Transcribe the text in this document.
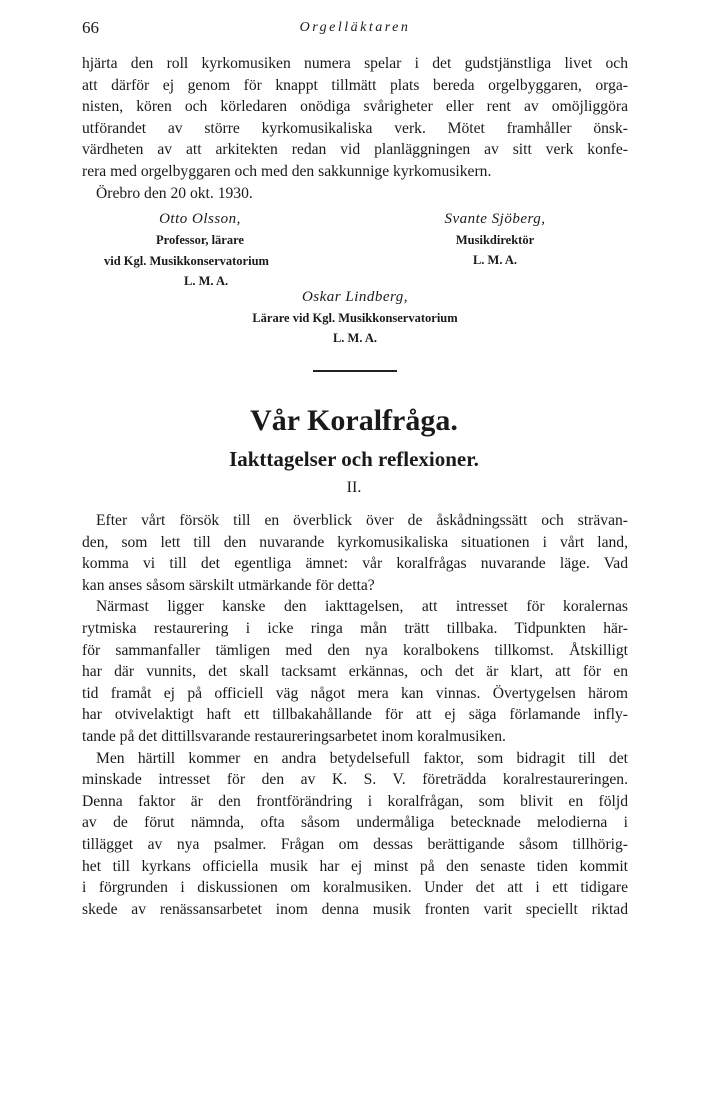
66	Orgelläktaren
hjärta den roll kyrkomusiken numera spelar i det gudstjänstliga livet och
att därför ej genom för knappt tillmätt plats bereda orgelbyggaren, orga-
nisten, kören och körledaren onödiga svårigheter eller rent av omöjliggöra
utförandet av större kyrkomusikaliska verk. Mötet framhåller önsk-
värdheten av att arkitekten redan vid planläggningen av sitt verk konfe-
rera med orgelbyggaren och med den sakkunnige kyrkomusikern.
Örebro den 20 okt. 1930.
Otto Olsson,
Professor, lärare
vid Kgl. Musikkonservatorium
L. M. A.
Svante Sjöberg,
Musikdirektör
L. M. A.
Oskar Lindberg,
Lärare vid Kgl. Musikkonservatorium
L. M. A.
Vår Koralfråga.
Iakttagelser och reflexioner.
II.
Efter vårt försök till en överblick över de åskådningssätt och strävan-
den, som lett till den nuvarande kyrkomusikaliska situationen i vårt land,
komma vi till det egentliga ämnet: vår koralfrågas nuvarande läge. Vad
kan anses såsom särskilt utmärkande för detta?
Närmast ligger kanske den iakttagelsen, att intresset för koralernas
rytmiska restaurering i icke ringa mån trätt tillbaka. Tidpunkten här-
för sammanfaller tämligen med den nya koralbokens tillkomst. Åtskilligt
har där vunnits, det skall tacksamt erkännas, och det är klart, att för en
tid framåt ej på officiell väg något mera kan vinnas. Övertygelsen härom
har otvivelaktigt haft ett tillbakahållande för att ej säga förlamande infly-
tande på det dittillsvarande restaureringsarbetet inom koralmusiken.
Men härtill kommer en andra betydelsefull faktor, som bidragit till det
minskade intresset för den av K. S. V. företrädda koralrestaureringen.
Denna faktor är den frontförändring i koralfrågan, som blivit en följd
av de förut nämnda, ofta såsom undermåliga betecknade melodierna i
tillägget av nya psalmer. Frågan om dessas berättigande såsom tillhörig-
het till kyrkans officiella musik har ej minst på den senaste tiden kommit
i förgrunden i diskussionen om koralmusiken. Under det att i ett tidigare
skede av renässansarbetet inom denna musik fronten varit speciellt riktad
